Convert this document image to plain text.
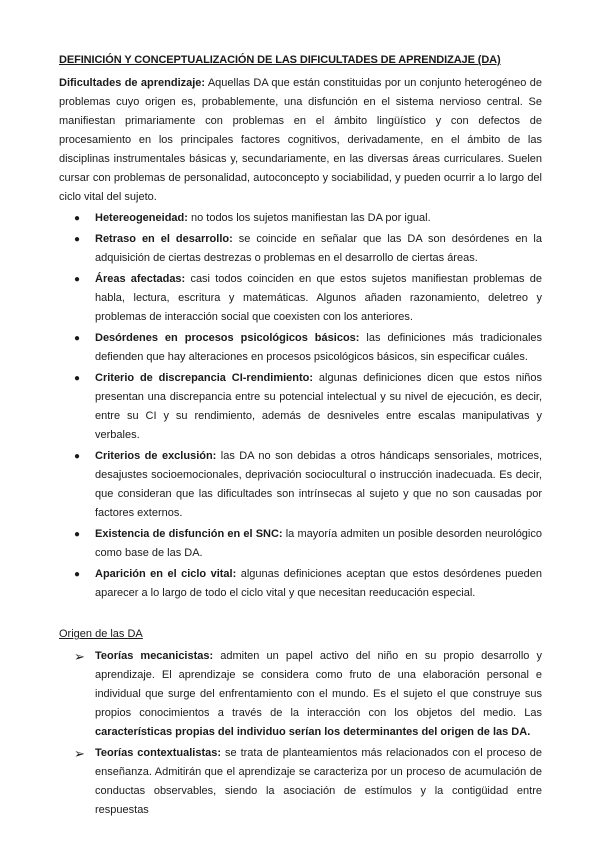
DEFINICIÓN Y CONCEPTUALIZACIÓN DE LAS DIFICULTADES DE APRENDIZAJE (DA)

Dificultades de aprendizaje: Aquellas DA que están constituidas por un conjunto heterogéneo de problemas cuyo origen es, probablemente, una disfunción en el sistema nervioso central. Se manifiestan primariamente con problemas en el ámbito lingüístico y con defectos de procesamiento en los principales factores cognitivos, derivadamente, en el ámbito de las disciplinas instrumentales básicas y, secundariamente, en las diversas áreas curriculares. Suelen cursar con problemas de personalidad, autoconcepto y sociabilidad, y pueden ocurrir a lo largo del ciclo vital del sujeto.

● Hetereogeneidad: no todos los sujetos manifiestan las DA por igual.
● Retraso en el desarrollo: se coincide en señalar que las DA son desórdenes en la adquisición de ciertas destrezas o problemas en el desarrollo de ciertas áreas.
● Áreas afectadas: casi todos coinciden en que estos sujetos manifiestan problemas de habla, lectura, escritura y matemáticas. Algunos añaden razonamiento, deletreo y problemas de interacción social que coexisten con los anteriores.
● Desórdenes en procesos psicológicos básicos: las definiciones más tradicionales defienden que hay alteraciones en procesos psicológicos básicos, sin especificar cuáles.
● Criterio de discrepancia CI-rendimiento: algunas definiciones dicen que estos niños presentan una discrepancia entre su potencial intelectual y su nivel de ejecución, es decir, entre su CI y su rendimiento, además de desniveles entre escalas manipulativas y verbales.
● Criterios de exclusión: las DA no son debidas a otros hándicaps sensoriales, motrices, desajustes socioemocionales, deprivación sociocultural o instrucción inadecuada. Es decir, que consideran que las dificultades son intrínsecas al sujeto y que no son causadas por factores externos.
● Existencia de disfunción en el SNC: la mayoría admiten un posible desorden neurológico como base de las DA.
● Aparición en el ciclo vital: algunas definiciones aceptan que estos desórdenes pueden aparecer a lo largo de todo el ciclo vital y que necesitan reeducación especial.
Origen de las DA
➢ Teorías mecanicistas: admiten un papel activo del niño en su propio desarrollo y aprendizaje. El aprendizaje se considera como fruto de una elaboración personal e individual que surge del enfrentamiento con el mundo. Es el sujeto el que construye sus propios conocimientos a través de la interacción con los objetos del medio. Las características propias del individuo serían los determinantes del origen de las DA.
➢ Teorías contextualistas: se trata de planteamientos más relacionados con el proceso de enseñanza. Admitirán que el aprendizaje se caracteriza por un proceso de acumulación de conductas observables, siendo la asociación de estímulos y la contigüidad entre respuestas
